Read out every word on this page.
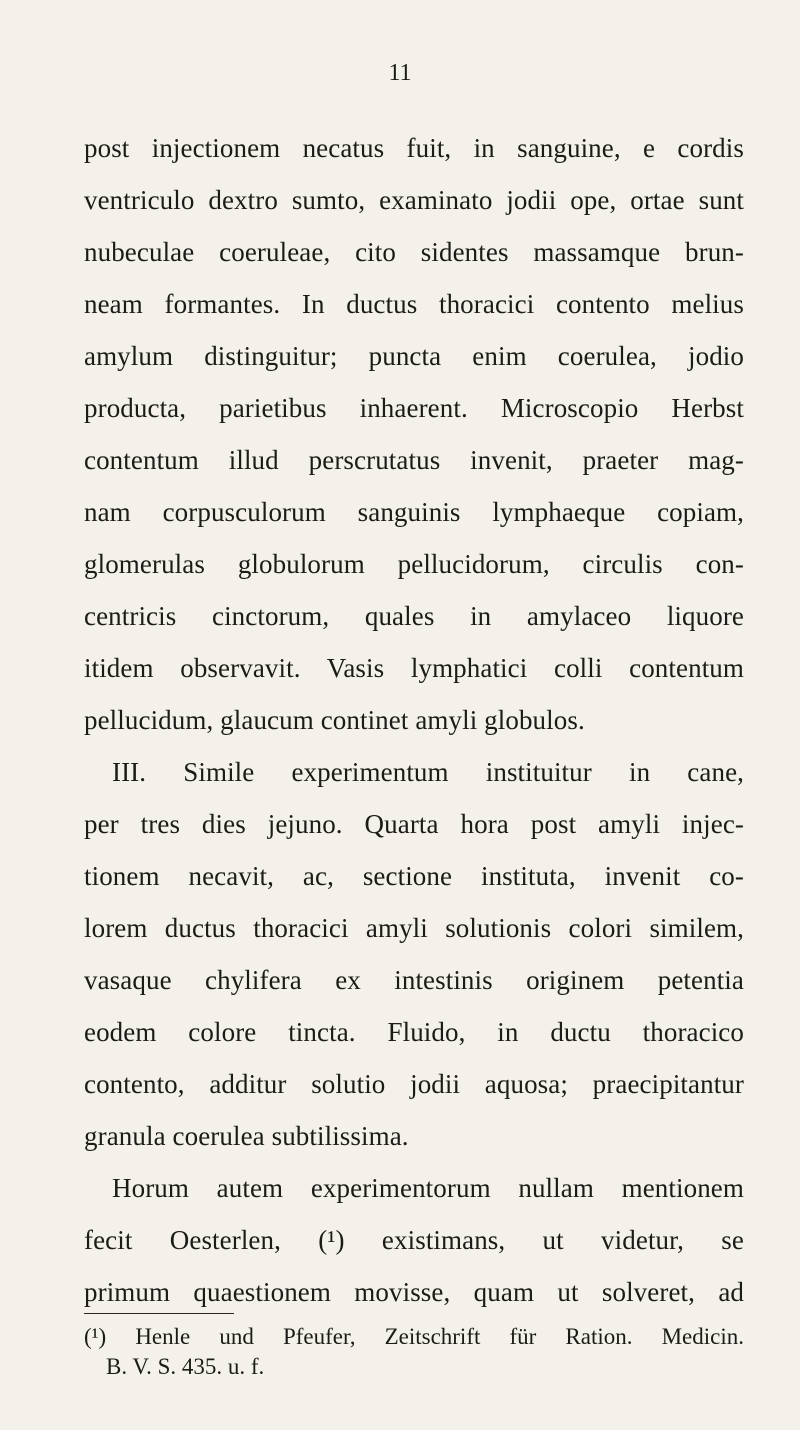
11
post injectionem necatus fuit, in sanguine, e cordis
ventriculo dextro sumto, examinato jodii ope, ortae sunt
nubeculae coeruleae, cito sidentes massamque brun-
neam formantes. In ductus thoracici contento melius
amylum distinguitur; puncta enim coerulea, jodio
producta, parietibus inhaerent. Microscopio Herbst
contentum illud perscrutatus invenit, praeter mag-
nam corpusculorum sanguinis lymphaeque copiam,
glomerulas globulorum pellucidorum, circulis con-
centricis cinctorum, quales in amylaceo liquore
itidem observavit. Vasis lymphatici colli contentum
pellucidum, glaucum continet amyli globulos.
III. Simile experimentum instituitur in cane,
per tres dies jejuno. Quarta hora post amyli injec-
tionem necavit, ac, sectione instituta, invenit co-
lorem ductus thoracici amyli solutionis colori similem,
vasaque chylifera ex intestinis originem petentia
eodem colore tincta. Fluido, in ductu thoracico
contento, additur solutio jodii aquosa; praecipitantur
granula coerulea subtilissima.
Horum autem experimentorum nullam mentionem
fecit Oesterlen, (¹) existimans, ut videtur, se
primum quaestionem movisse, quam ut solveret, ad
(¹) Henle und Pfeufer, Zeitschrift für Ration. Medicin.
B. V. S. 435. u. f.
